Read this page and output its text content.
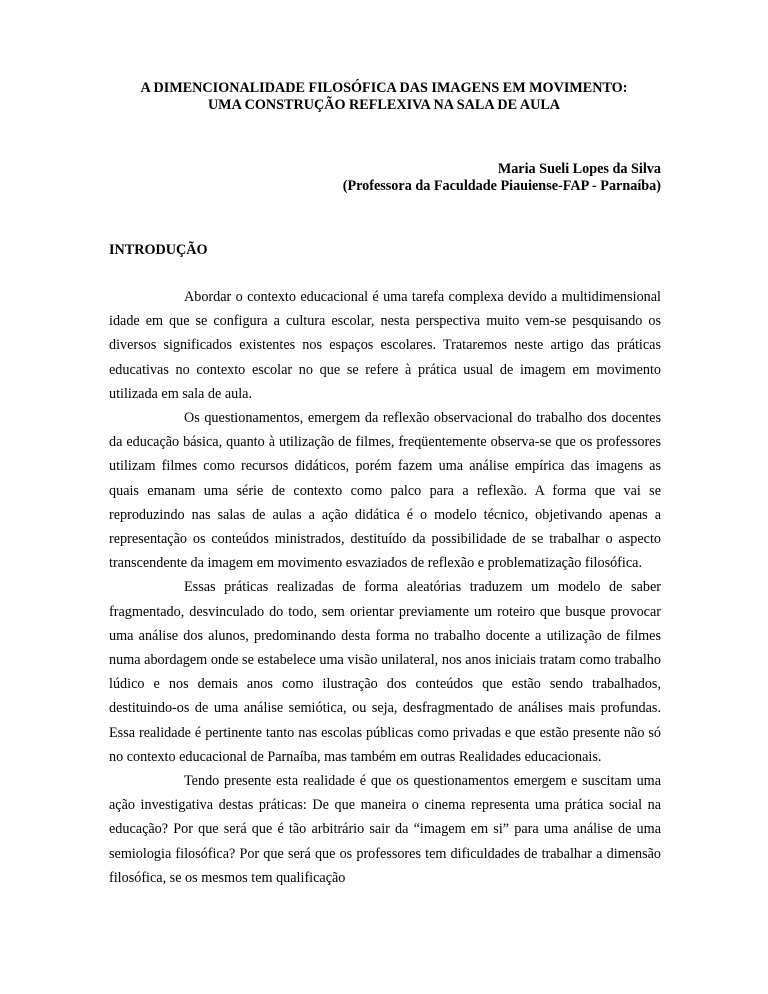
A DIMENCIONALIDADE FILOSÓFICA DAS IMAGENS EM MOVIMENTO:
UMA CONSTRUÇÃO REFLEXIVA NA SALA DE AULA
Maria Sueli Lopes da Silva
(Professora da Faculdade Piauiense-FAP - Parnaíba)
INTRODUÇÃO

Abordar o contexto educacional é uma tarefa complexa devido a multidimensional idade em que se configura a cultura escolar, nesta perspectiva muito vem-se pesquisando os diversos significados existentes nos espaços escolares. Trataremos neste artigo das práticas educativas no contexto escolar no que se refere à prática usual de imagem em movimento utilizada em sala de aula.

Os questionamentos, emergem da reflexão observacional do trabalho dos docentes da educação básica, quanto à utilização de filmes, freqüentemente observa-se que os professores utilizam filmes como recursos didáticos, porém fazem uma análise empírica das imagens as quais emanam uma série de contexto como palco para a reflexão. A forma que vai se reproduzindo nas salas de aulas a ação didática é o modelo técnico, objetivando apenas a representação os conteúdos ministrados, destituído da possibilidade de se trabalhar o aspecto transcendente da imagem em movimento esvaziados de reflexão e problematização filosófica.

Essas práticas realizadas de forma aleatórias traduzem um modelo de saber fragmentado, desvinculado do todo, sem orientar previamente um roteiro que busque provocar uma análise dos alunos, predominando desta forma no trabalho docente a utilização de filmes numa abordagem onde se estabelece uma visão unilateral, nos anos iniciais tratam como trabalho lúdico e nos demais anos como ilustração dos conteúdos que estão sendo trabalhados, destituindo-os de uma análise semiótica, ou seja, desfragmentado de análises mais profundas. Essa realidade é pertinente tanto nas escolas públicas como privadas e que estão presente não só no contexto educacional de Parnaíba, mas também em outras Realidades educacionais.

Tendo presente esta realidade é que os questionamentos emergem e suscitam uma ação investigativa destas práticas: De que maneira o cinema representa uma prática social na educação? Por que será que é tão arbitrário sair da “imagem em si” para uma análise de uma semiologia filosófica? Por que será que os professores tem dificuldades de trabalhar a dimensão filosófica, se os mesmos tem qualificação
